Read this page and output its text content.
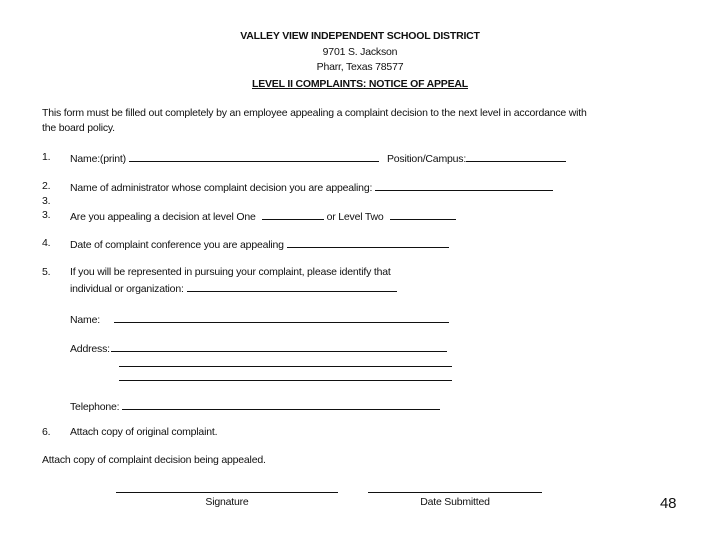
VALLEY VIEW INDEPENDENT SCHOOL DISTRICT
9701 S. Jackson
Pharr, Texas 78577
LEVEL II COMPLAINTS: NOTICE OF APPEAL
This form must be filled out completely by an employee appealing a complaint decision to the next level in accordance with
the board policy.
1. Name:(print)	Position/Campus:
2. Name of administrator whose complaint decision you are appealing:
3.
3. Are you appealing a decision at level One	or Level Two
4. Date of complaint conference you are appealing
5. If you will be represented in pursuing your complaint, please identify that
individual or organization:
Name:
Address:
Telephone:
6. Attach copy of original complaint.
Attach copy of complaint decision being appealed.
Signature	Date Submitted	48
